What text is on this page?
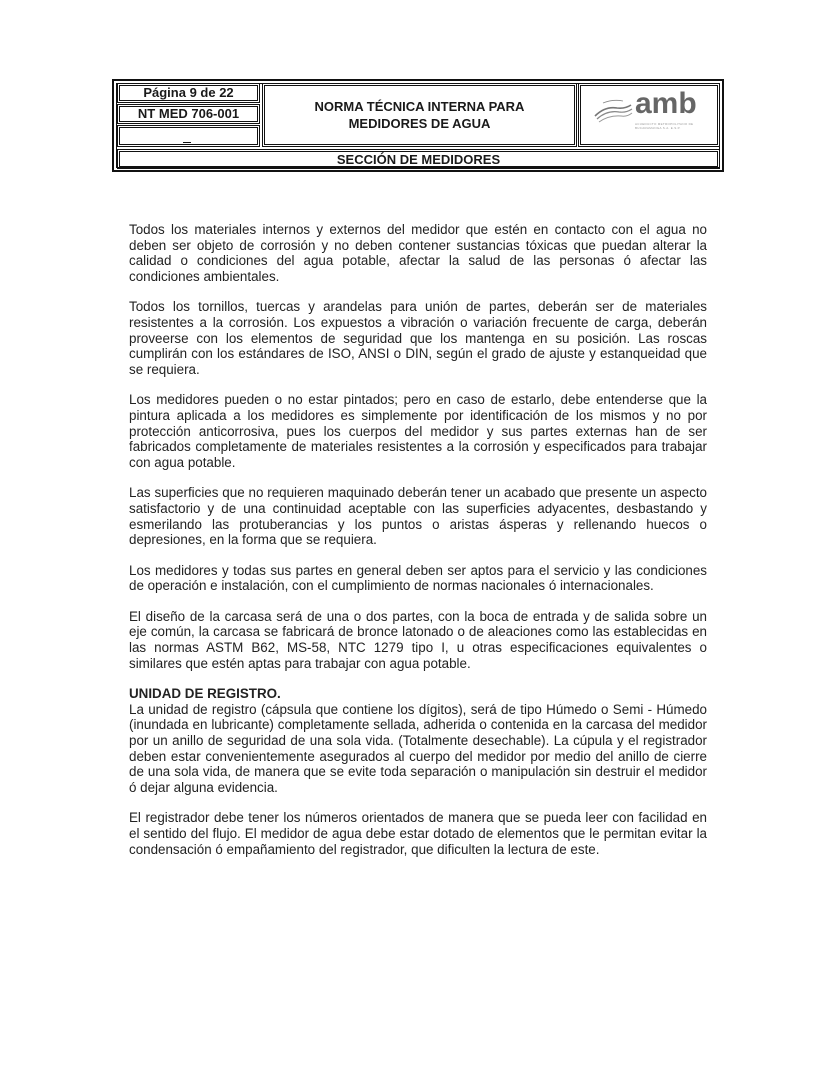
Página 9 de 22
NT MED 706-001	NORMA TÉCNICA INTERNA PARA
MEDIDORES DE AGUA
amb
ACUEDUCTO METROPOLITANO DE BUCARAMANGA S.A. E.S.P.
SECCIÓN DE MEDIDORES

Todos los materiales internos y externos del medidor que estén en contacto con el agua no deben ser objeto de corrosión y no deben contener sustancias tóxicas que puedan alterar la calidad o condiciones del agua potable, afectar la salud de las personas ó afectar las condiciones ambientales.

Todos los tornillos, tuercas y arandelas para unión de partes, deberán ser de materiales resistentes a la corrosión. Los expuestos a vibración o variación frecuente de carga, deberán proveerse con los elementos de seguridad que los mantenga en su posición. Las roscas cumplirán con los estándares de ISO, ANSI o DIN, según el grado de ajuste y estanqueidad que se requiera.

Los medidores pueden o no estar pintados; pero en caso de estarlo, debe entenderse que la pintura aplicada a los medidores es simplemente por identificación de los mismos y no por protección anticorrosiva, pues los cuerpos del medidor y sus partes externas han de ser fabricados completamente de materiales resistentes a la corrosión y especificados para trabajar con agua potable.

Las superficies que no requieren maquinado deberán tener un acabado que presente un aspecto satisfactorio y de una continuidad aceptable con las superficies adyacentes, desbastando y esmerilando las protuberancias y los puntos o aristas ásperas y rellenando huecos o depresiones, en la forma que se requiera.

Los medidores y todas sus partes en general deben ser aptos para el servicio y las condiciones de operación e instalación, con el cumplimiento de normas nacionales ó internacionales.

El diseño de la carcasa será de una o dos partes, con la boca de entrada y de salida sobre un eje común, la carcasa se fabricará de bronce latonado o de aleaciones como las establecidas en las normas ASTM B62, MS-58, NTC 1279 tipo I, u otras especificaciones equivalentes o similares que estén aptas para trabajar con agua potable.

UNIDAD DE REGISTRO.

La unidad de registro (cápsula que contiene los dígitos), será de tipo Húmedo o Semi - Húmedo (inundada en lubricante) completamente sellada, adherida o contenida en la carcasa del medidor por un anillo de seguridad de una sola vida. (Totalmente desechable). La cúpula y el registrador deben estar convenientemente asegurados al cuerpo del medidor por medio del anillo de cierre de una sola vida, de manera que se evite toda separación o manipulación sin destruir el medidor ó dejar alguna evidencia.

El registrador debe tener los números orientados de manera que se pueda leer con facilidad en el sentido del flujo. El medidor de agua debe estar dotado de elementos que le permitan evitar la condensación ó empañamiento del registrador, que dificulten la lectura de este.
